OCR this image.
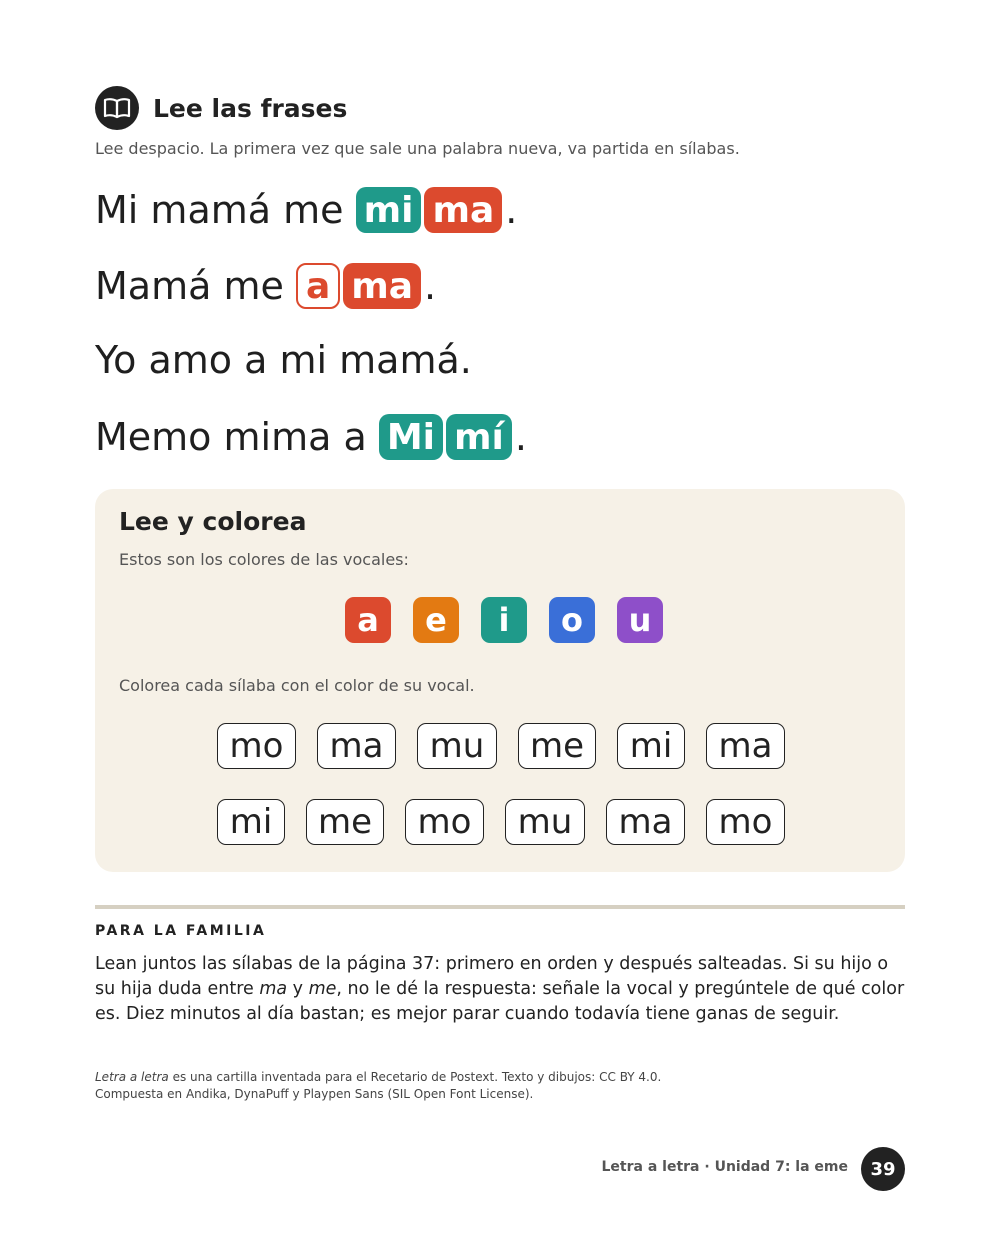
Lee las frases
Lee despacio. La primera vez que sale una palabra nueva, va partida en sílabas.
Mi mamá me mi ma .
Mamá me a ma .
Yo amo a mi mamá.
Memo mima a Mi mí .
Lee y colorea
Estos son los colores de las vocales:
a	e	i	o	u
Colorea cada sílaba con el color de su vocal.
mo	ma	mu	me	mi	ma
mi	me	mo	mu	ma	mo
PARA LA FAMILIA
Lean juntos las sílabas de la página 37: primero en orden y después salteadas. Si su hijo o su hija duda entre ma y me, no le dé la respuesta: señale la vocal y pregúntele de qué color es. Diez minutos al día bastan; es mejor parar cuando todavía tiene ganas de seguir.
Letra a letra es una cartilla inventada para el Recetario de Postext. Texto y dibujos: CC BY 4.0.
Compuesta en Andika, DynaPuff y Playpen Sans (SIL Open Font License).
Letra a letra · Unidad 7: la eme	39
